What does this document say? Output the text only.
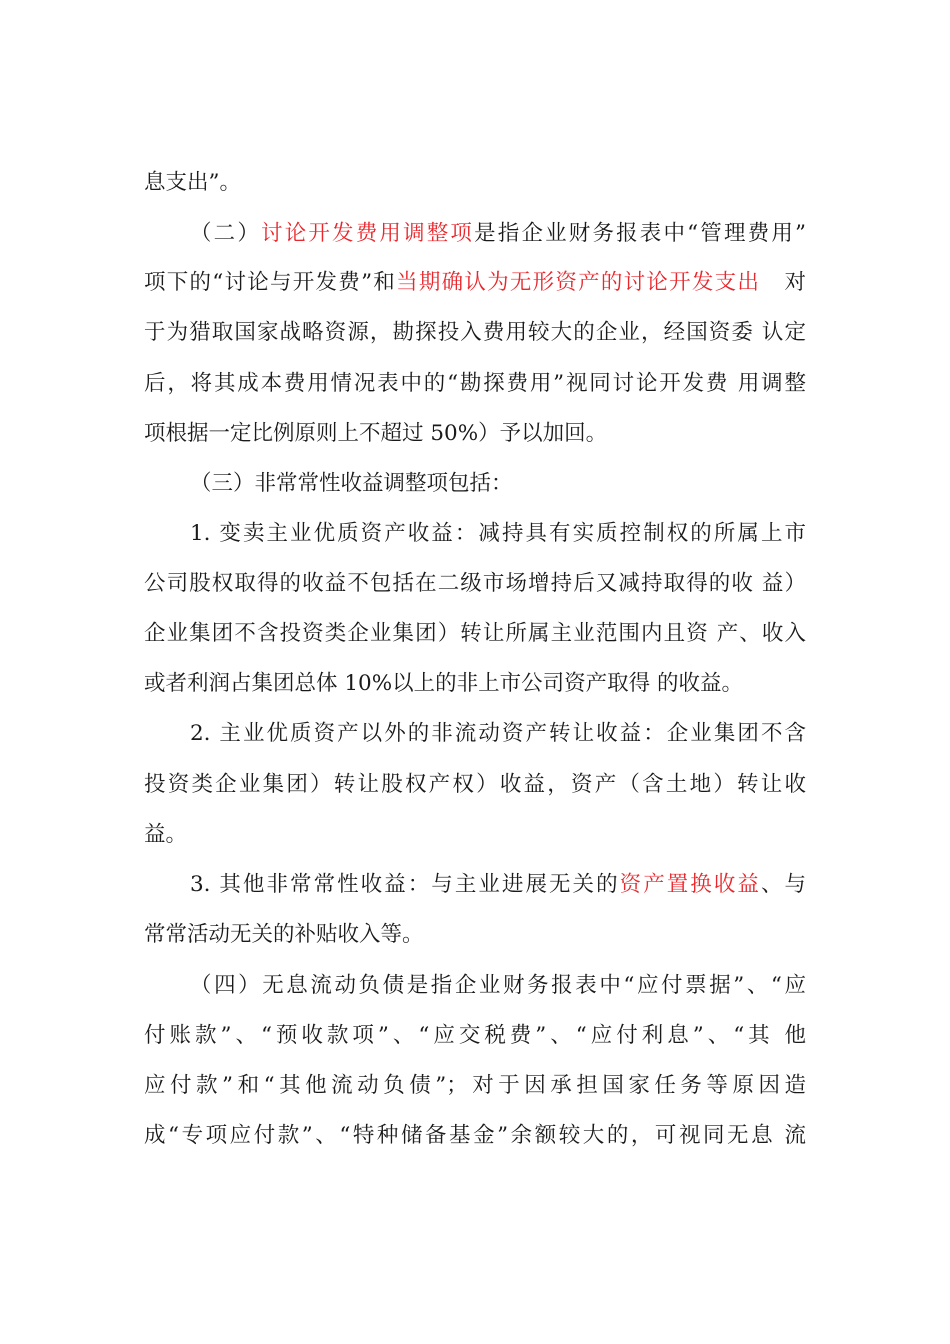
息支出”。
（二）讨论开发费用调整项是指企业财务报表中“管理费用”
项下的“讨论与开发费”和当期确认为无形资产的讨论开发支出 对
于为猎取国家战略资源，勘探投入费用较大的企业，经国资委 认定
后，将其成本费用情况表中的“勘探费用”视同讨论开发费 用调整
项根据一定比例原则上不超过 50%）予以加回。
（三）非常常性收益调整项包括：
1. 变卖主业优质资产收益：减持具有实质控制权的所属上市
公司股权取得的收益不包括在二级市场增持后又减持取得的收 益）
企业集团不含投资类企业集团）转让所属主业范围内且资 产、收入
或者利润占集团总体 10%以上的非上市公司资产取得 的收益。
2. 主业优质资产以外的非流动资产转让收益：企业集团不含
投资类企业集团）转让股权产权）收益，资产（含土地）转让收
益。
3. 其他非常常性收益：与主业进展无关的资产置换收益、与
常常活动无关的补贴收入等。
（四）无息流动负债是指企业财务报表中“应付票据”、“应
付账款”、“预收款项”、“应交税费”、“应付利息”、“其 他
应付款”和“其他流动负债”；对于因承担国家任务等原因造
成“专项应付款”、“特种储备基金”余额较大的，可视同无息 流
